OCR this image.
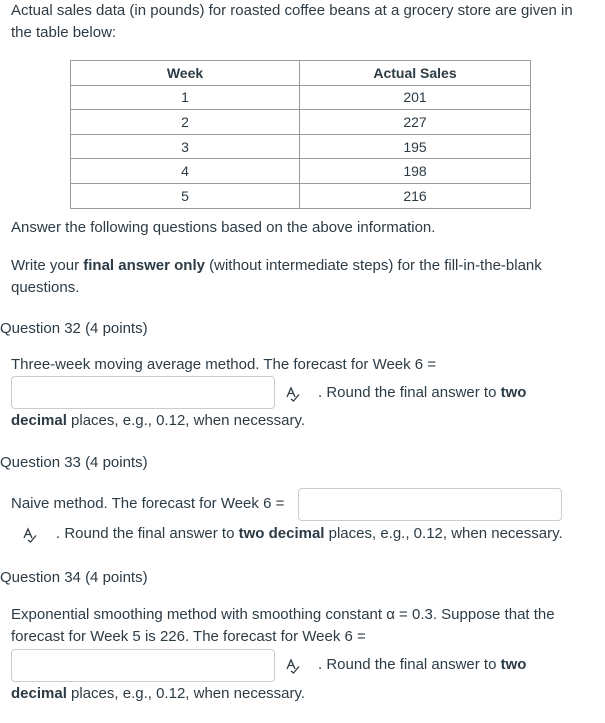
Actual sales data (in pounds) for roasted coffee beans at a grocery store are given in the table below:

Week	Actual Sales
1	201
2	227
3	195
4	198
5	216
Answer the following questions based on the above information.

Write your final answer only (without intermediate steps) for the fill-in-the-blank questions.

Question 32 (4 points)
Three-week moving average method. The forecast for Week 6 =
. Round the final answer to two
decimal places, e.g., 0.12, when necessary.
Question 33 (4 points)
Naive method. The forecast for Week 6 =
. Round the final answer to two decimal places, e.g., 0.12, when necessary.
Question 34 (4 points)
Exponential smoothing method with smoothing constant α = 0.3. Suppose that the
forecast for Week 5 is 226. The forecast for Week 6 =
. Round the final answer to two
decimal places, e.g., 0.12, when necessary.
